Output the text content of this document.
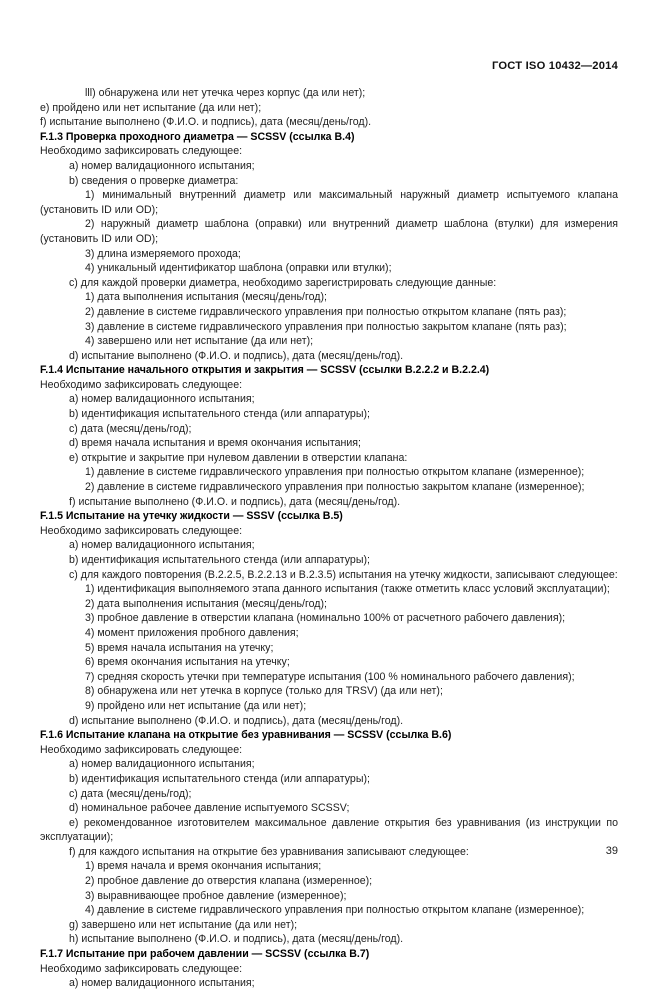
ГОСТ ISO 10432—2014
lll) обнаружена или нет утечка через корпус (да или нет);
e) пройдено или нет испытание (да или нет);
f) испытание выполнено (Ф.И.О. и подпись), дата (месяц/день/год).
F.1.3 Проверка проходного диаметра — SCSSV (ссылка B.4)
Необходимо зафиксировать следующее:
a) номер валидационного испытания;
b) сведения о проверке диаметра:
1) минимальный внутренний диаметр или максимальный наружный диаметр испытуемого клапана (установить ID или OD);
2) наружный диаметр шаблона (оправки) или внутренний диаметр шаблона (втулки) для измерения (установить ID или OD);
3) длина измеряемого прохода;
4) уникальный идентификатор шаблона (оправки или втулки);
c) для каждой проверки диаметра, необходимо зарегистрировать следующие данные:
1) дата выполнения испытания (месяц/день/год);
2) давление в системе гидравлического управления при полностью открытом клапане (пять раз);
3) давление в системе гидравлического управления при полностью закрытом клапане (пять раз);
4) завершено или нет испытание (да или нет);
d) испытание выполнено (Ф.И.О. и подпись), дата (месяц/день/год).
F.1.4 Испытание начального открытия и закрытия — SCSSV (ссылки B.2.2.2 и B.2.2.4)
Необходимо зафиксировать следующее:
a) номер валидационного испытания;
b) идентификация испытательного стенда (или аппаратуры);
c) дата (месяц/день/год);
d) время начала испытания и время окончания испытания;
e) открытие и закрытие при нулевом давлении в отверстии клапана:
1) давление в системе гидравлического управления при полностью открытом клапане (измеренное);
2) давление в системе гидравлического управления при полностью закрытом клапане (измеренное);
f) испытание выполнено (Ф.И.О. и подпись), дата (месяц/день/год).
F.1.5 Испытание на утечку жидкости — SSSV (ссылка B.5)
Необходимо зафиксировать следующее:
a) номер валидационного испытания;
b) идентификация испытательного стенда (или аппаратуры);
c) для каждого повторения (B.2.2.5, B.2.2.13 и B.2.3.5) испытания на утечку жидкости, записывают следующее:
1) идентификация выполняемого этапа данного испытания (также отметить класс условий эксплуатации);
2) дата выполнения испытания (месяц/день/год);
3) пробное давление в отверстии клапана (номинально 100% от расчетного рабочего давления);
4) момент приложения пробного давления;
5) время начала испытания на утечку;
6) время окончания испытания на утечку;
7) средняя скорость утечки при температуре испытания (100 % номинального рабочего давления);
8) обнаружена или нет утечка в корпусе (только для TRSV) (да или нет);
9) пройдено или нет испытание (да или нет);
d) испытание выполнено (Ф.И.О. и подпись), дата (месяц/день/год).
F.1.6 Испытание клапана на открытие без уравнивания — SCSSV (ссылка B.6)
Необходимо зафиксировать следующее:
a) номер валидационного испытания;
b) идентификация испытательного стенда (или аппаратуры);
c) дата (месяц/день/год);
d) номинальное рабочее давление испытуемого SCSSV;
e) рекомендованное изготовителем максимальное давление открытия без уравнивания (из инструкции по эксплуатации);
f) для каждого испытания на открытие без уравнивания записывают следующее:
1) время начала и время окончания испытания;
2) пробное давление до отверстия клапана (измеренное);
3) выравнивающее пробное давление (измеренное);
4) давление в системе гидравлического управления при полностью открытом клапане (измеренное);
g) завершено или нет испытание (да или нет);
h) испытание выполнено (Ф.И.О. и подпись), дата (месяц/день/год).
F.1.7 Испытание при рабочем давлении — SCSSV (ссылка B.7)
Необходимо зафиксировать следующее:
a) номер валидационного испытания;
39
